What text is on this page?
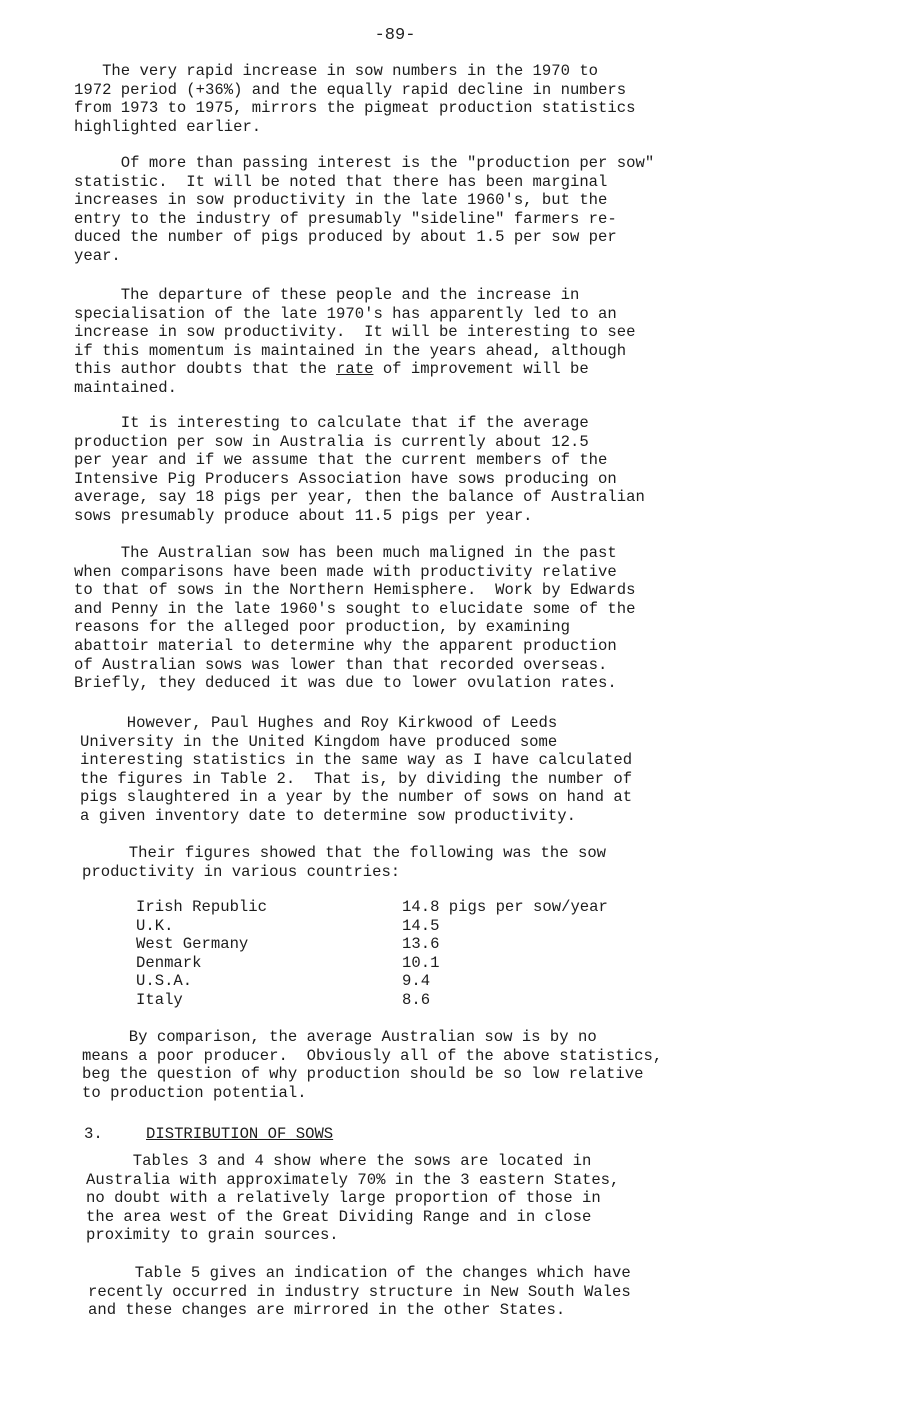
-89-

The very rapid increase in sow numbers in the 1970 to
1972 period (+36%) and the equally rapid decline in numbers
from 1973 to 1975, mirrors the pigmeat production statistics
highlighted earlier.

Of more than passing interest is the "production per sow"
statistic.  It will be noted that there has been marginal
increases in sow productivity in the late 1960's, but the
entry to the industry of presumably "sideline" farmers re-
duced the number of pigs produced by about 1.5 per sow per
year.

The departure of these people and the increase in
specialisation of the late 1970's has apparently led to an
increase in sow productivity.  It will be interesting to see
if this momentum is maintained in the years ahead, although
this author doubts that the rate of improvement will be
maintained.

It is interesting to calculate that if the average
production per sow in Australia is currently about 12.5
per year and if we assume that the current members of the
Intensive Pig Producers Association have sows producing on
average, say 18 pigs per year, then the balance of Australian
sows presumably produce about 11.5 pigs per year.

The Australian sow has been much maligned in the past
when comparisons have been made with productivity relative
to that of sows in the Northern Hemisphere.  Work by Edwards
and Penny in the late 1960's sought to elucidate some of the
reasons for the alleged poor production, by examining
abattoir material to determine why the apparent production
of Australian sows was lower than that recorded overseas.
Briefly, they deduced it was due to lower ovulation rates.

However, Paul Hughes and Roy Kirkwood of Leeds
University in the United Kingdom have produced some
interesting statistics in the same way as I have calculated
the figures in Table 2.  That is, by dividing the number of
pigs slaughtered in a year by the number of sows on hand at
a given inventory date to determine sow productivity.

Their figures showed that the following was the sow
productivity in various countries:

Irish Republic	14.8 pigs per sow/year
U.K.	14.5
West Germany	13.6
Denmark	10.1
U.S.A.	9.4
Italy	8.6

By comparison, the average Australian sow is by no
means a poor producer.  Obviously all of the above statistics,
beg the question of why production should be so low relative
to production potential.

3.	DISTRIBUTION OF SOWS

Tables 3 and 4 show where the sows are located in
Australia with approximately 70% in the 3 eastern States,
no doubt with a relatively large proportion of those in
the area west of the Great Dividing Range and in close
proximity to grain sources.

Table 5 gives an indication of the changes which have
recently occurred in industry structure in New South Wales
and these changes are mirrored in the other States.
